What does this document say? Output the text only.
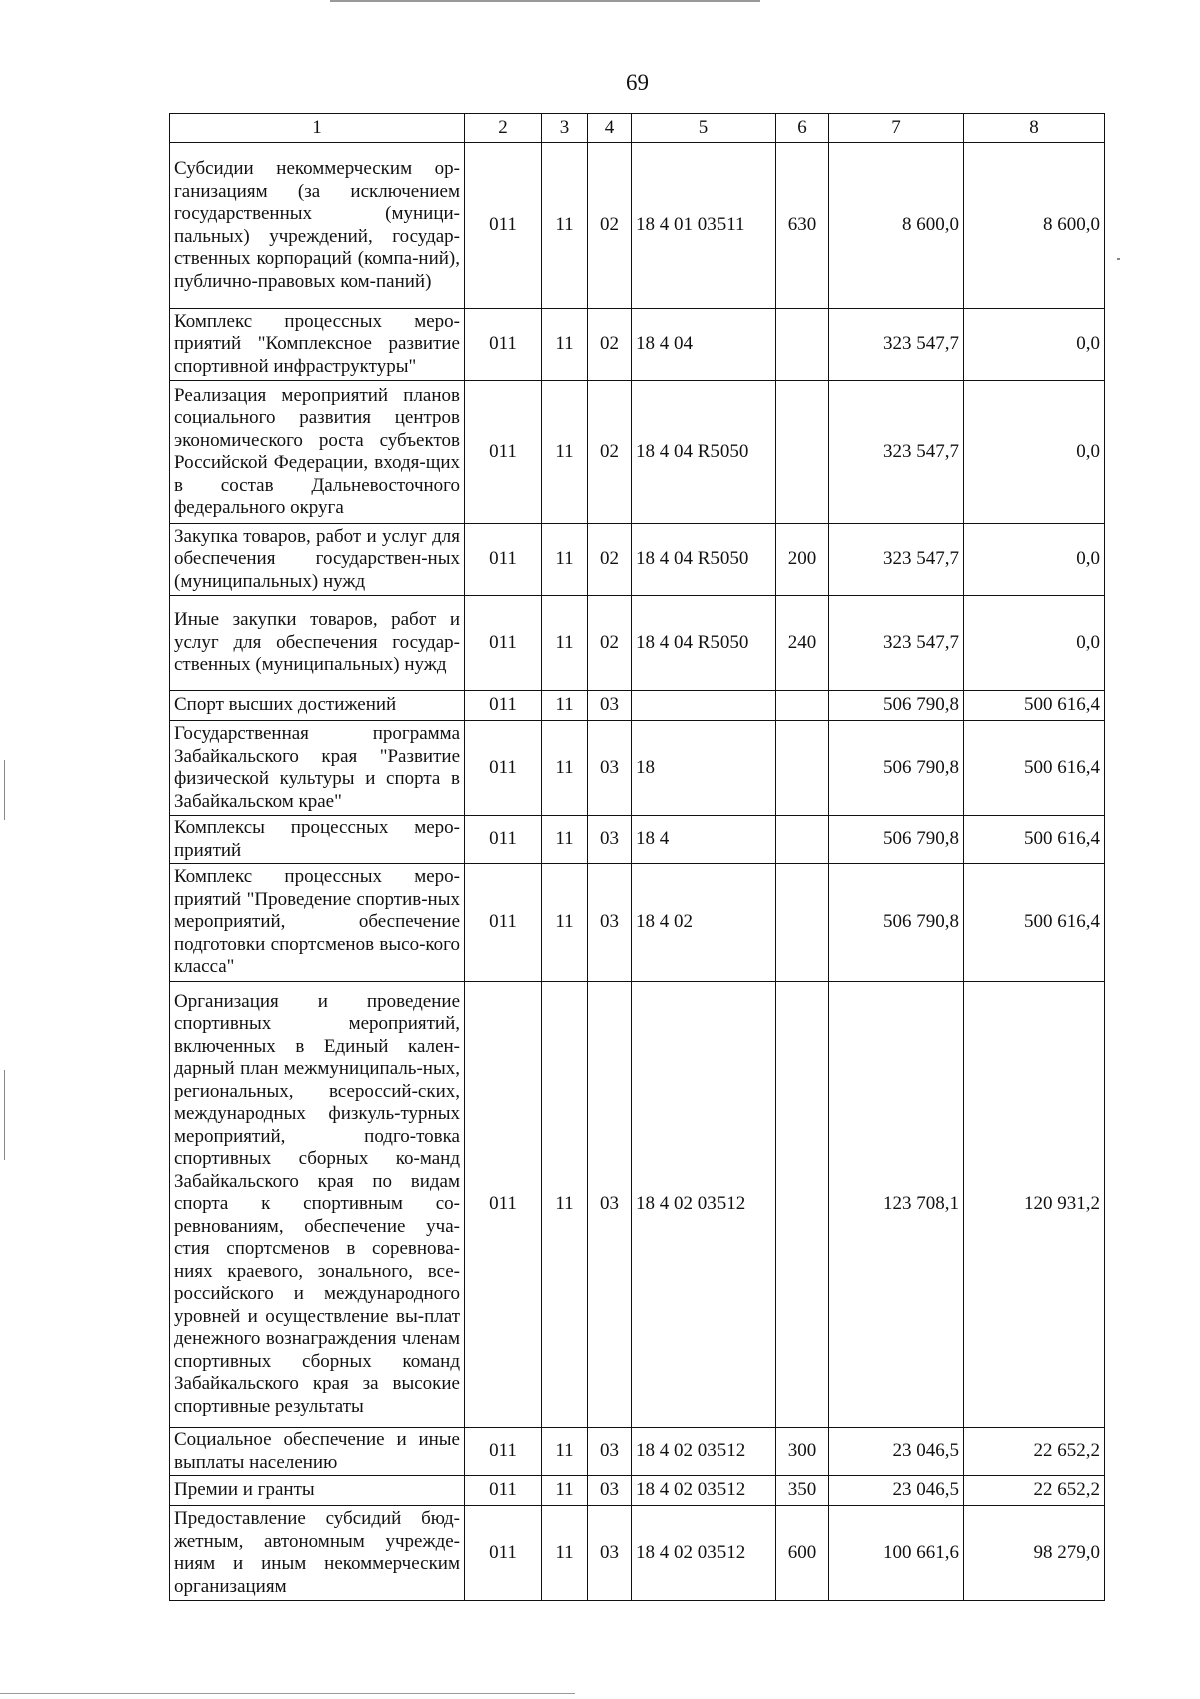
69
1	2	3	4	5	6	7	8
Субсидии некоммерческим ор-ганизациям (за исключением государственных (муници-пальных) учреждений, государ-ственных корпораций (компа-ний), публично-правовых ком-паний)	011	11	02	18 4 01 03511	630	8 600,0	8 600,0
Комплекс процессных меро-приятий "Комплексное развитие спортивной инфраструктуры"	011	11	02	18 4 04		323 547,7	0,0
Реализация мероприятий планов социального развития центров экономического роста субъектов Российской Федерации, входя-щих в состав Дальневосточного федерального округа	011	11	02	18 4 04 R5050		323 547,7	0,0
Закупка товаров, работ и услуг для обеспечения государствен-ных (муниципальных) нужд	011	11	02	18 4 04 R5050	200	323 547,7	0,0
Иные закупки товаров, работ и услуг для обеспечения государ-ственных (муниципальных) нужд	011	11	02	18 4 04 R5050	240	323 547,7	0,0
Спорт высших достижений	011	11	03			506 790,8	500 616,4
Государственная программа Забайкальского края "Развитие физической культуры и спорта в Забайкальском крае"	011	11	03	18		506 790,8	500 616,4
Комплексы процессных меро-приятий	011	11	03	18 4		506 790,8	500 616,4
Комплекс процессных меро-приятий "Проведение спортив-ных мероприятий, обеспечение подготовки спортсменов высо-кого класса"	011	11	03	18 4 02		506 790,8	500 616,4
Организация и проведение спортивных мероприятий, включенных в Единый кален-дарный план межмуниципаль-ных, региональных, всероссий-ских, международных физкуль-турных мероприятий, подго-товка спортивных сборных ко-манд Забайкальского края по видам спорта к спортивным со-ревнованиям, обеспечение уча-стия спортсменов в соревнова-ниях краевого, зонального, все-российского и международного уровней и осуществление вы-плат денежного вознаграждения членам спортивных сборных команд Забайкальского края за высокие спортивные результаты	011	11	03	18 4 02 03512		123 708,1	120 931,2
Социальное обеспечение и иные выплаты населению	011	11	03	18 4 02 03512	300	23 046,5	22 652,2
Премии и гранты	011	11	03	18 4 02 03512	350	23 046,5	22 652,2
Предоставление субсидий бюд-жетным, автономным учрежде-ниям и иным некоммерческим организациям	011	11	03	18 4 02 03512	600	100 661,6	98 279,0
